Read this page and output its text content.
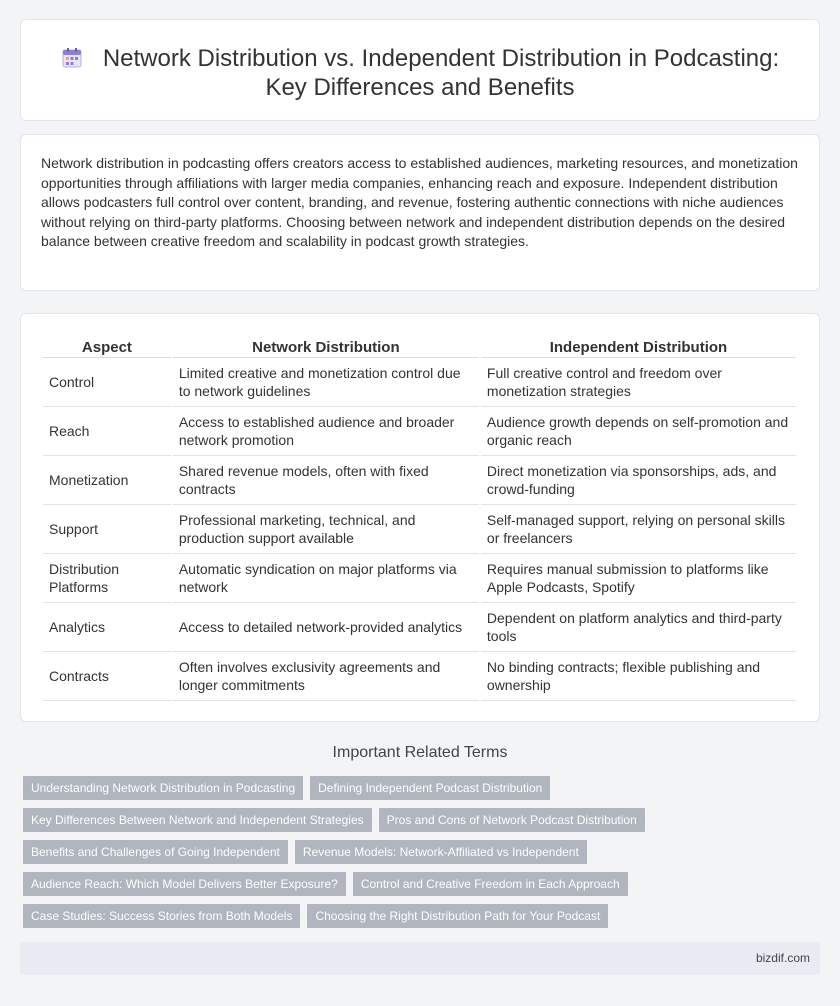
Network Distribution vs. Independent Distribution in Podcasting:
Key Differences and Benefits

Network distribution in podcasting offers creators access to established audiences, marketing resources, and monetization opportunities through affiliations with larger media companies, enhancing reach and exposure. Independent distribution allows podcasters full control over content, branding, and revenue, fostering authentic connections with niche audiences without relying on third-party platforms. Choosing between network and independent distribution depends on the desired balance between creative freedom and scalability in podcast growth strategies.

Aspect	Network Distribution	Independent Distribution
Control	Limited creative and monetization control due to network guidelines	Full creative control and freedom over monetization strategies
Reach	Access to established audience and broader network promotion	Audience growth depends on self-promotion and organic reach
Monetization	Shared revenue models, often with fixed contracts	Direct monetization via sponsorships, ads, and crowd-funding
Support	Professional marketing, technical, and production support available	Self-managed support, relying on personal skills or freelancers
Distribution Platforms	Automatic syndication on major platforms via network	Requires manual submission to platforms like Apple Podcasts, Spotify
Analytics	Access to detailed network-provided analytics	Dependent on platform analytics and third-party tools
Contracts	Often involves exclusivity agreements and longer commitments	No binding contracts; flexible publishing and ownership
Important Related Terms
Understanding Network Distribution in Podcasting	Defining Independent Podcast Distribution
Key Differences Between Network and Independent Strategies	Pros and Cons of Network Podcast Distribution
Benefits and Challenges of Going Independent	Revenue Models: Network-Affiliated vs Independent
Audience Reach: Which Model Delivers Better Exposure?	Control and Creative Freedom in Each Approach
Case Studies: Success Stories from Both Models	Choosing the Right Distribution Path for Your Podcast
bizdif.com
